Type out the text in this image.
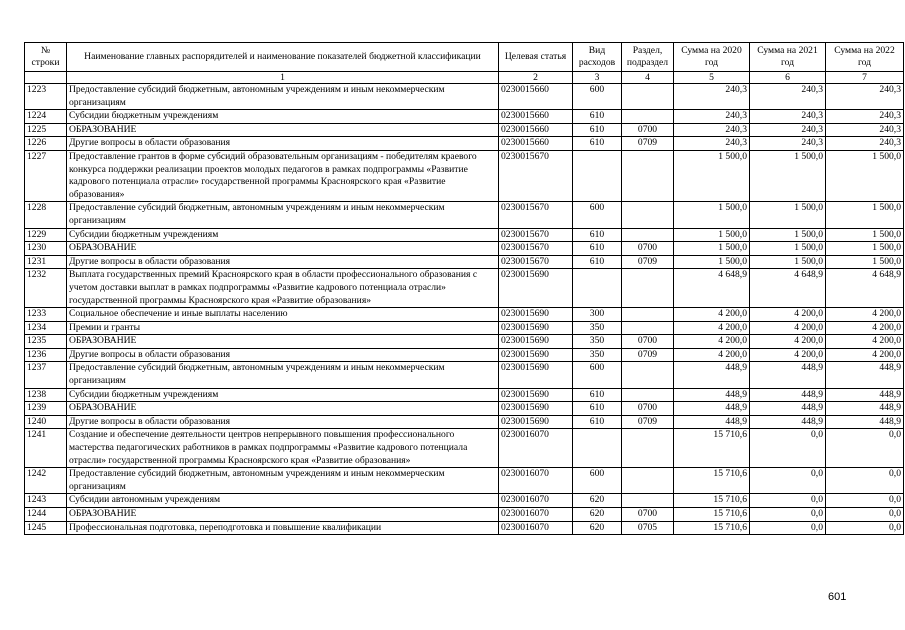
№ строки	Наименование главных распорядителей и наименование показателей бюджетной классификации	Целевая статья	Вид расходов	Раздел, подраздел	Сумма на 2020 год	Сумма на 2021 год	Сумма на 2022 год
	1	2	3	4	5	6	7
1223	Предоставление субсидий бюджетным, автономным учреждениям и иным некоммерческим организациям	0230015660	600		240,3	240,3	240,3
1224	Субсидии бюджетным учреждениям	0230015660	610		240,3	240,3	240,3
1225	ОБРАЗОВАНИЕ	0230015660	610	0700	240,3	240,3	240,3
1226	Другие вопросы в области образования	0230015660	610	0709	240,3	240,3	240,3
1227	Предоставление грантов в форме субсидий образовательным организациям - победителям краевого конкурса поддержки реализации проектов молодых педагогов в рамках подпрограммы «Развитие кадрового потенциала отрасли» государственной программы Красноярского края «Развитие образования»	0230015670			1 500,0	1 500,0	1 500,0
1228	Предоставление субсидий бюджетным, автономным учреждениям и иным некоммерческим организациям	0230015670	600		1 500,0	1 500,0	1 500,0
1229	Субсидии бюджетным учреждениям	0230015670	610		1 500,0	1 500,0	1 500,0
1230	ОБРАЗОВАНИЕ	0230015670	610	0700	1 500,0	1 500,0	1 500,0
1231	Другие вопросы в области образования	0230015670	610	0709	1 500,0	1 500,0	1 500,0
1232	Выплата государственных премий Красноярского края в области профессионального образования с учетом доставки выплат в рамках подпрограммы «Развитие кадрового потенциала отрасли» государственной программы Красноярского края «Развитие образования»	0230015690			4 648,9	4 648,9	4 648,9
1233	Социальное обеспечение и иные выплаты населению	0230015690	300		4 200,0	4 200,0	4 200,0
1234	Премии и гранты	0230015690	350		4 200,0	4 200,0	4 200,0
1235	ОБРАЗОВАНИЕ	0230015690	350	0700	4 200,0	4 200,0	4 200,0
1236	Другие вопросы в области образования	0230015690	350	0709	4 200,0	4 200,0	4 200,0
1237	Предоставление субсидий бюджетным, автономным учреждениям и иным некоммерческим организациям	0230015690	600		448,9	448,9	448,9
1238	Субсидии бюджетным учреждениям	0230015690	610		448,9	448,9	448,9
1239	ОБРАЗОВАНИЕ	0230015690	610	0700	448,9	448,9	448,9
1240	Другие вопросы в области образования	0230015690	610	0709	448,9	448,9	448,9
1241	Создание и обеспечение деятельности центров непрерывного повышения профессионального мастерства педагогических работников в рамках подпрограммы «Развитие кадрового потенциала отрасли» государственной программы Красноярского края «Развитие образования»	0230016070			15 710,6	0,0	0,0
1242	Предоставление субсидий бюджетным, автономным учреждениям и иным некоммерческим организациям	0230016070	600		15 710,6	0,0	0,0
1243	Субсидии автономным учреждениям	0230016070	620		15 710,6	0,0	0,0
1244	ОБРАЗОВАНИЕ	0230016070	620	0700	15 710,6	0,0	0,0
1245	Профессиональная подготовка, переподготовка и повышение квалификации	0230016070	620	0705	15 710,6	0,0	0,0
601
